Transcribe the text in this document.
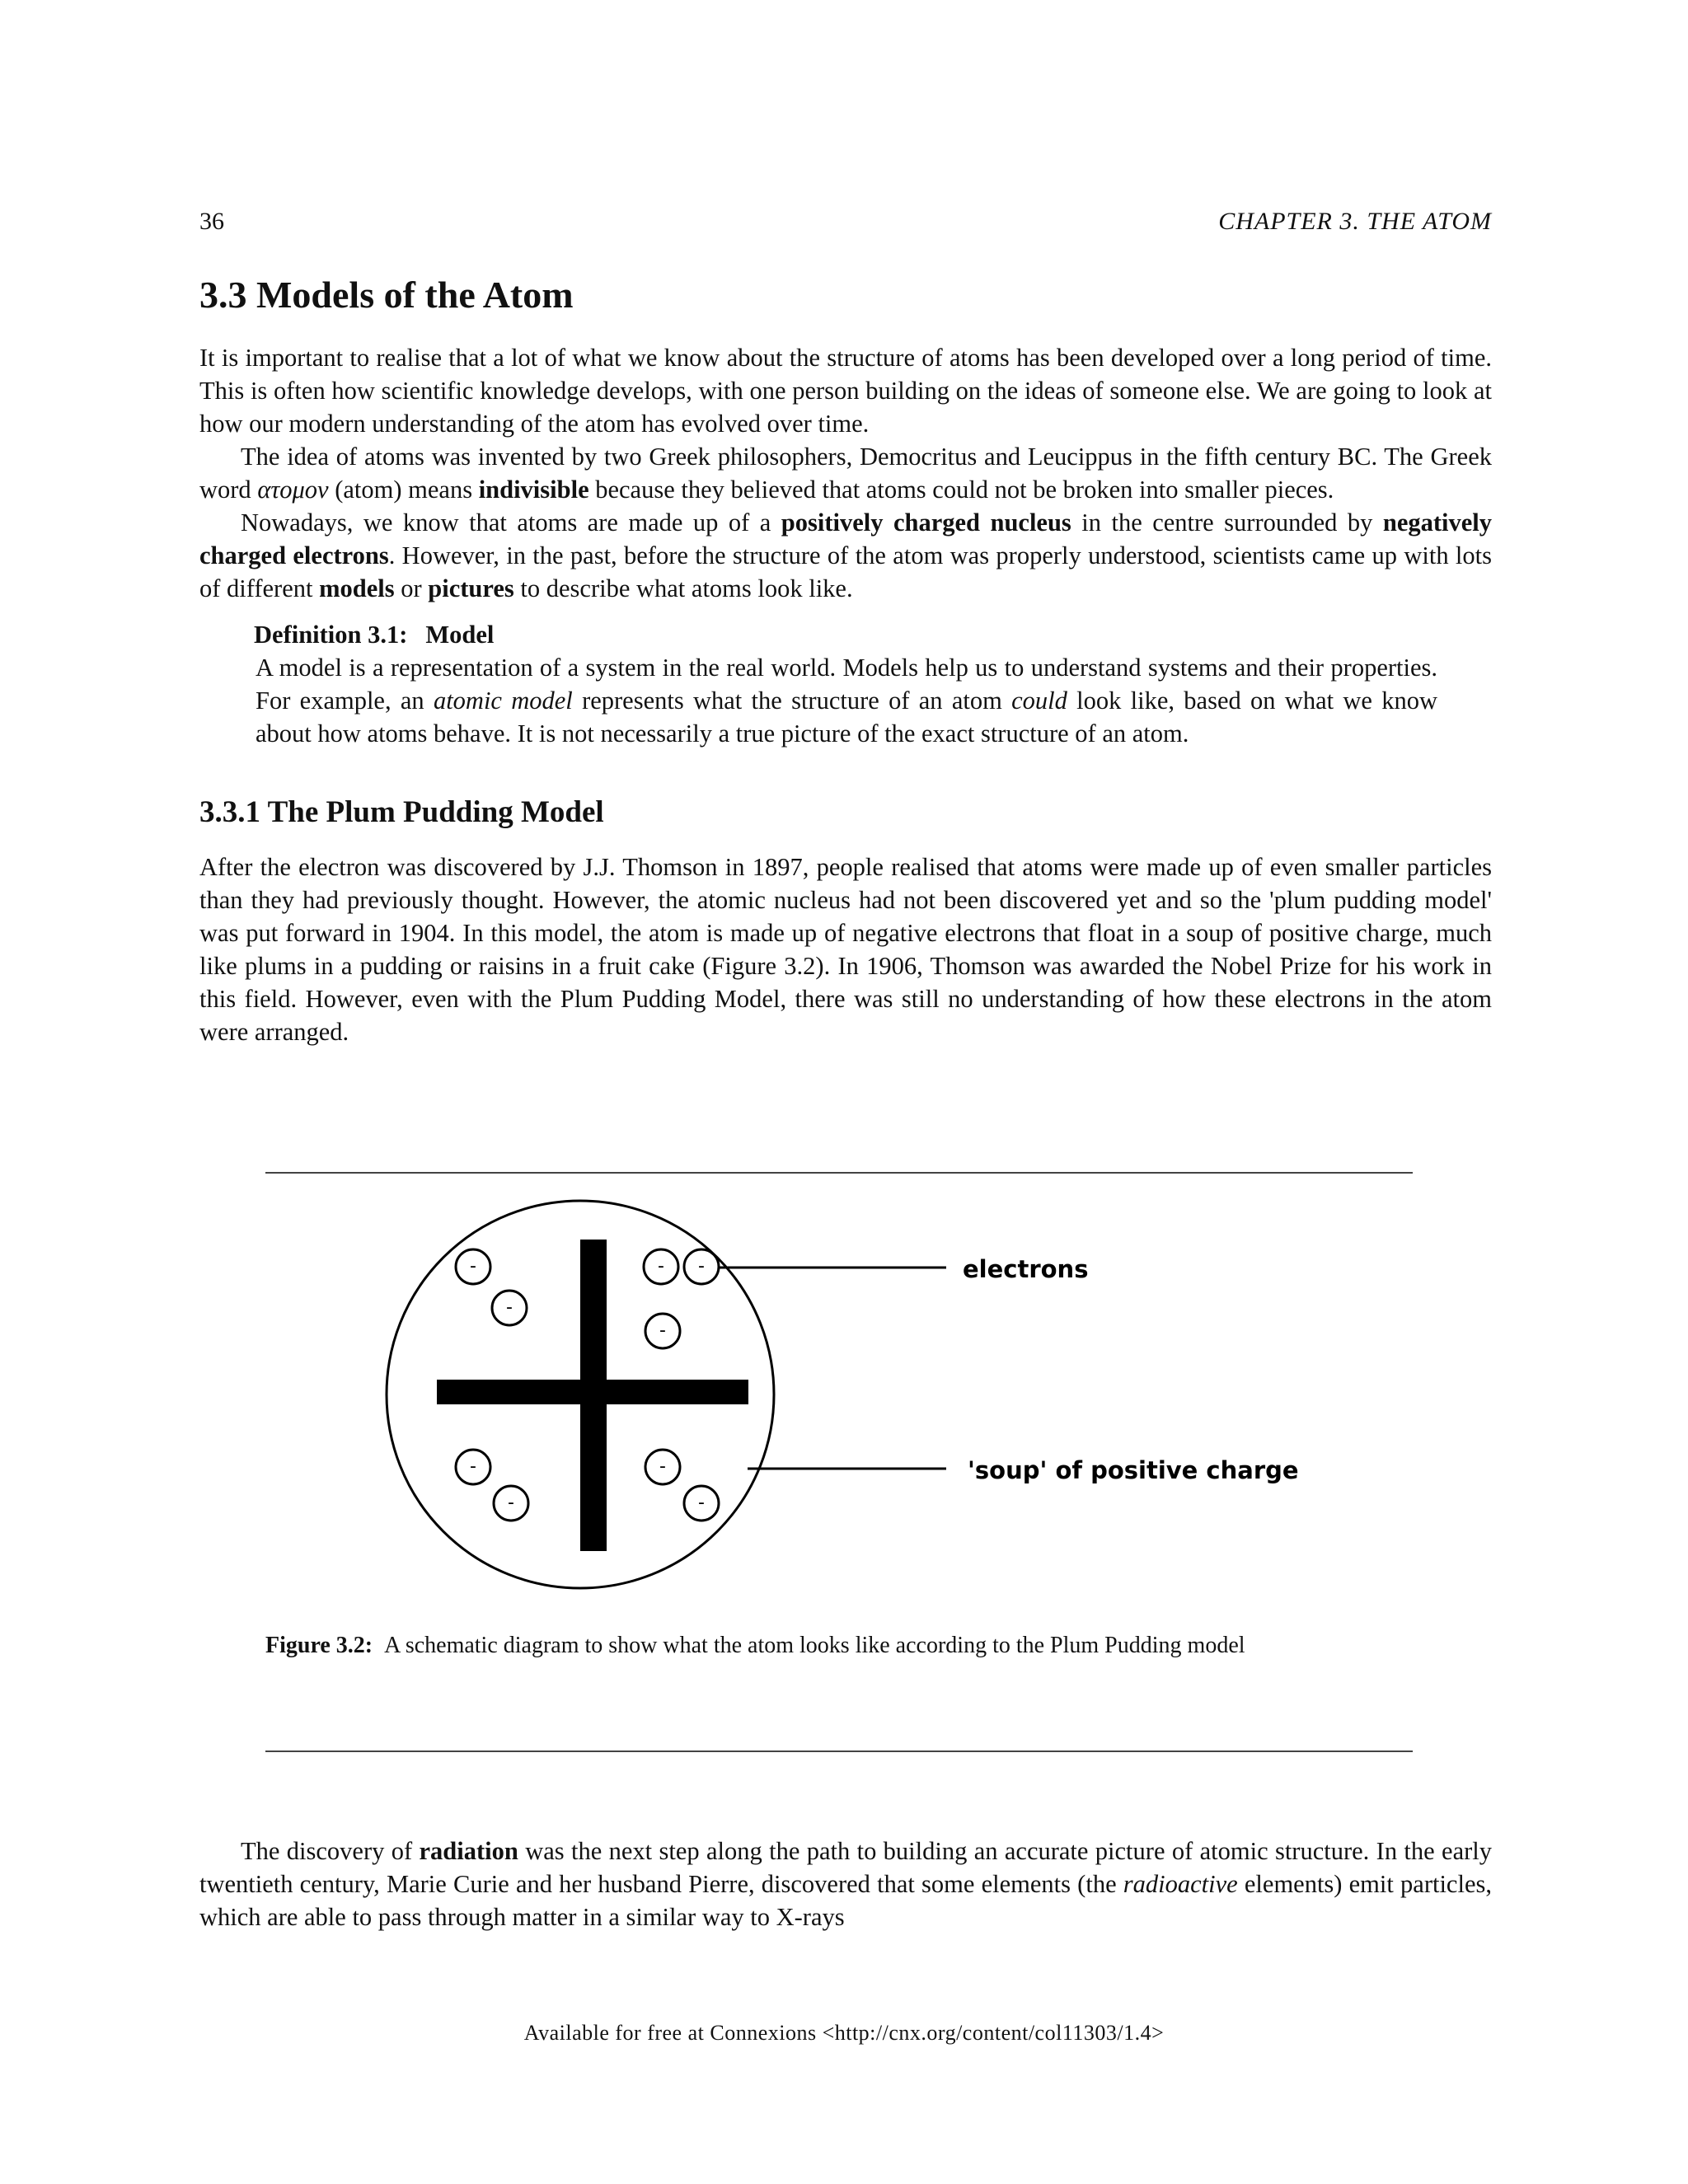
36	CHAPTER 3. THE ATOM
3.3 Models of the Atom

It is important to realise that a lot of what we know about the structure of atoms has been developed over a long period of time. This is often how scientific knowledge develops, with one person building on the ideas of someone else. We are going to look at how our modern understanding of the atom has evolved over time.

The idea of atoms was invented by two Greek philosophers, Democritus and Leucippus in the fifth century BC. The Greek word ατομον (atom) means indivisible because they believed that atoms could not be broken into smaller pieces.

Nowadays, we know that atoms are made up of a positively charged nucleus in the centre surrounded by negatively charged electrons. However, in the past, before the structure of the atom was properly understood, scientists came up with lots of different models or pictures to describe what atoms look like.

Definition 3.1: Model

A model is a representation of a system in the real world. Models help us to understand systems and their properties. For example, an atomic model represents what the structure of an atom could look like, based on what we know about how atoms behave. It is not necessarily a true picture of the exact structure of an atom.

3.3.1 The Plum Pudding Model

After the electron was discovered by J.J. Thomson in 1897, people realised that atoms were made up of even smaller particles than they had previously thought. However, the atomic nucleus had not been discovered yet and so the 'plum pudding model' was put forward in 1904. In this model, the atom is made up of negative electrons that float in a soup of positive charge, much like plums in a pudding or raisins in a fruit cake (Figure 3.2). In 1906, Thomson was awarded the Nobel Prize for his work in this field. However, even with the Plum Pudding Model, there was still no understanding of how these electrons in the atom were arranged.

-
-
- -
-
-
-
-
-
electrons
'soup' of positive charge
Figure 3.2: A schematic diagram to show what the atom looks like according to the Plum Pudding model

The discovery of radiation was the next step along the path to building an accurate picture of atomic structure. In the early twentieth century, Marie Curie and her husband Pierre, discovered that some elements (the radioactive elements) emit particles, which are able to pass through matter in a similar way to X-rays

Available for free at Connexions <http://cnx.org/content/col11303/1.4>
